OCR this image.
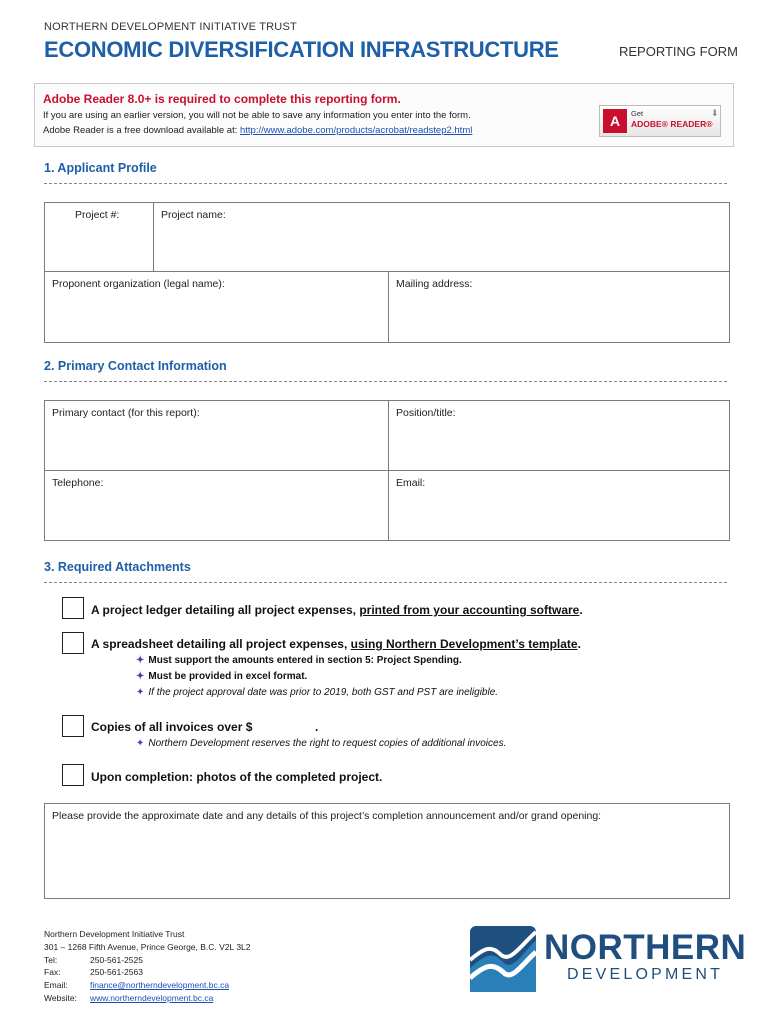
NORTHERN DEVELOPMENT INITIATIVE TRUST
ECONOMIC DIVERSIFICATION INFRASTRUCTURE	REPORTING FORM
Adobe Reader 8.0+ is required to complete this reporting form.
If you are using an earlier version, you will not be able to save any information you enter into the form.
Adobe Reader is a free download available at: http://www.adobe.com/products/acrobat/readstep2.html
A	Get
ADOBE® READER®
⬇
1. Applicant Profile
Project #:	Project name:
Proponent organization (legal name):	Mailing address:
2. Primary Contact Information
Primary contact (for this report):	Position/title:
Telephone:	Email:
3. Required Attachments
A project ledger detailing all project expenses, printed from your accounting software.
A spreadsheet detailing all project expenses, using Northern Development’s template.
✦ Must support the amounts entered in section 5: Project Spending.
✦ Must be provided in excel format.
✦ If the project approval date was prior to 2019, both GST and PST are ineligible.
Copies of all invoices over $	.
✦ Northern Development reserves the right to request copies of additional invoices.
Upon completion: photos of the completed project.
Please provide the approximate date and any details of this project’s completion announcement and/or grand opening:
Northern Development Initiative Trust
301 – 1268 Fifth Avenue, Prince George, B.C. V2L 3L2
Tel:	250-561-2525
Fax:	250-561-2563
Email:	finance@northerndevelopment.bc.ca
Website: www.northerndevelopment.bc.ca
NORTHERN
DEVELOPMENT
